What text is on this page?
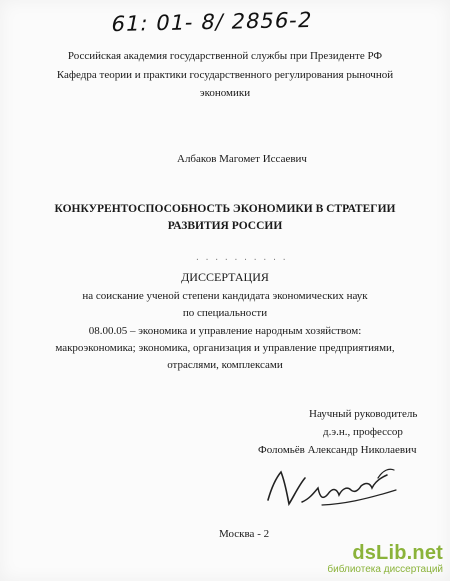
61: 01- 8/ 2856-2
Российская академия государственной службы при Президенте РФ
Кафедра теории и практики государственного регулирования рыночной
экономики
Албаков Магомет Иссаевич
КОНКУРЕНТОСПОСОБНОСТЬ ЭКОНОМИКИ В СТРАТЕГИИ
РАЗВИТИЯ РОССИИ
· · · · · · · · · ·
ДИССЕРТАЦИЯ
на соискание ученой степени кандидата экономических наук
по специальности
08.00.05 – экономика и управление народным хозяйством:
макроэкономика; экономика, организация и управление предприятиями,
отраслями, комплексами
Научный руководитель
д.э.н., профессор
Фоломьёв Александр Николаевич
Москва - 2
dsLib.net
библиотека диссертаций
